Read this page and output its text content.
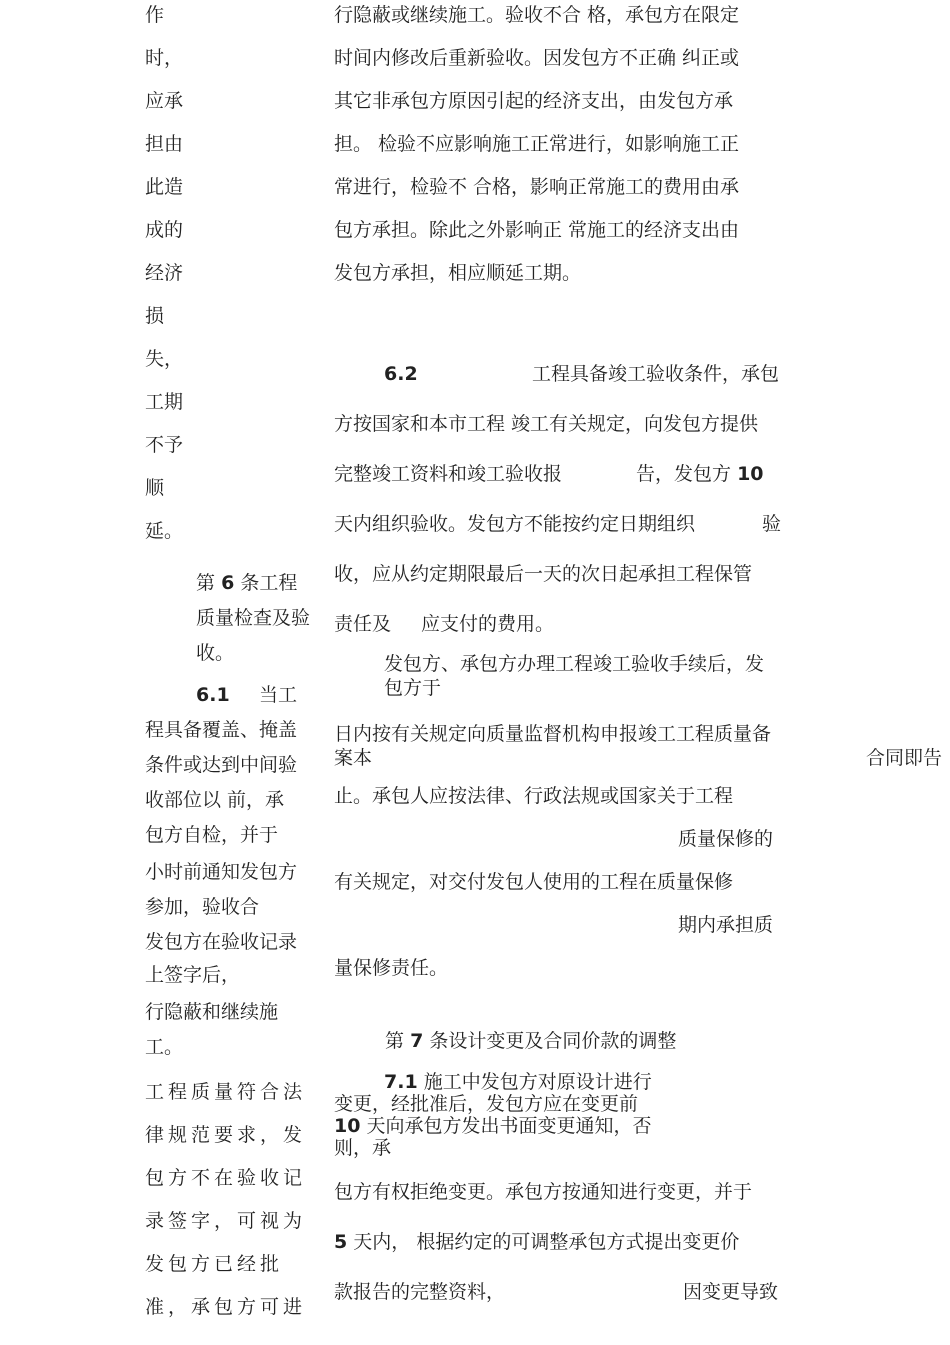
作
时，
应承
担由
此造
成的
经济
损
失，
工期
不予
顺
延。
第 6 条工程
质量检查及验
收。
6.1 当工
程具备覆盖、掩盖
条件或达到中间验
收部位以 前，承
包方自检，并于
小时前通知发包方
参加，验收合
发包方在验收记录
上签字后，
行隐蔽和继续施
工。
工程质量符合法
律规范要求，发
包方不在验收记
录签字，可视为
发包方已经批
准，承包方可进
行隐蔽或继续施工。验收不合 格，承包方在限定
时间内修改后重新验收。因发包方不正确 纠正或
其它非承包方原因引起的经济支出，由发包方承
担。 检验不应影响施工正常进行，如影响施工正
常进行，检验不 合格，影响正常施工的费用由承
包方承担。除此之外影响正 常施工的经济支出由
发包方承担，相应顺延工期。
6.2	工程具备竣工验收条件，承包
方按国家和本市工程 竣工有关规定，向发包方提供
完整竣工资料和竣工验收报	告，发包方 10
天内组织验收。发包方不能按约定日期组织	验
收，应从约定期限最后一天的次日起承担工程保管
责任及 应支付的费用。
发包方、承包方办理工程竣工验收手续后，发
包方于
日内按有关规定向质量监督机构申报竣工工程质量备
案本	合同即告
止。承包人应按法律、行政法规或国家关于工程
质量保修的
有关规定，对交付发包人使用的工程在质量保修
期内承担质
量保修责任。
第 7 条设计变更及合同价款的调整
7.1 施工中发包方对原设计进行
变更，经批准后，发包方应在变更前
10 天向承包方发出书面变更通知，否
则，承
包方有权拒绝变更。承包方按通知进行变更，并于
5 天内， 根据约定的可调整承包方式提出变更价
款报告的完整资料，	因变更导致
